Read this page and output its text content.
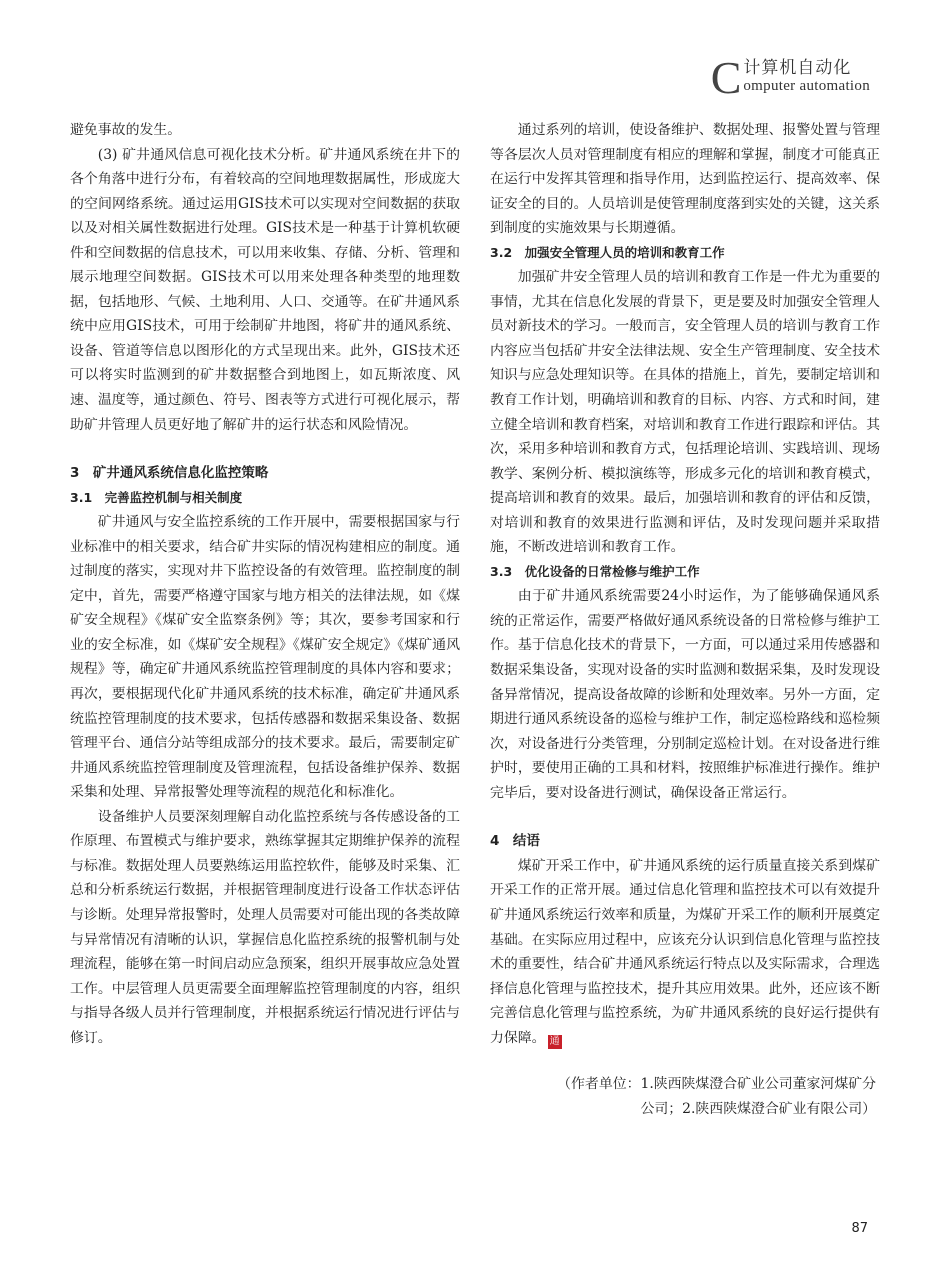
C 计算机自动化
omputer automation

避免事故的发生。

(3) 矿井通风信息可视化技术分析。矿井通风系统在井下的各个角落中进行分布，有着较高的空间地理数据属性，形成庞大的空间网络系统。通过运用GIS技术可以实现对空间数据的获取以及对相关属性数据进行处理。GIS技术是一种基于计算机软硬件和空间数据的信息技术，可以用来收集、存储、分析、管理和展示地理空间数据。GIS技术可以用来处理各种类型的地理数据，包括地形、气候、土地利用、人口、交通等。在矿井通风系统中应用GIS技术，可用于绘制矿井地图，将矿井的通风系统、设备、管道等信息以图形化的方式呈现出来。此外，GIS技术还可以将实时监测到的矿井数据整合到地图上，如瓦斯浓度、风速、温度等，通过颜色、符号、图表等方式进行可视化展示，帮助矿井管理人员更好地了解矿井的运行状态和风险情况。

3　矿井通风系统信息化监控策略
3.1　完善监控机制与相关制度

矿井通风与安全监控系统的工作开展中，需要根据国家与行业标准中的相关要求，结合矿井实际的情况构建相应的制度。通过制度的落实，实现对井下监控设备的有效管理。监控制度的制定中，首先，需要严格遵守国家与地方相关的法律法规，如《煤矿安全规程》《煤矿安全监察条例》等；其次，要参考国家和行业的安全标准，如《煤矿安全规程》《煤矿安全规定》《煤矿通风规程》等，确定矿井通风系统监控管理制度的具体内容和要求；再次，要根据现代化矿井通风系统的技术标准，确定矿井通风系统监控管理制度的技术要求，包括传感器和数据采集设备、数据管理平台、通信分站等组成部分的技术要求。最后，需要制定矿井通风系统监控管理制度及管理流程，包括设备维护保养、数据采集和处理、异常报警处理等流程的规范化和标准化。

设备维护人员要深刻理解自动化监控系统与各传感设备的工作原理、布置模式与维护要求，熟练掌握其定期维护保养的流程与标准。数据处理人员要熟练运用监控软件，能够及时采集、汇总和分析系统运行数据，并根据管理制度进行设备工作状态评估与诊断。处理异常报警时，处理人员需要对可能出现的各类故障与异常情况有清晰的认识，掌握信息化监控系统的报警机制与处理流程，能够在第一时间启动应急预案，组织开展事故应急处置工作。中层管理人员更需要全面理解监控管理制度的内容，组织与指导各级人员并行管理制度，并根据系统运行情况进行评估与修订。

通过系列的培训，使设备维护、数据处理、报警处置与管理等各层次人员对管理制度有相应的理解和掌握，制度才可能真正在运行中发挥其管理和指导作用，达到监控运行、提高效率、保证安全的目的。人员培训是使管理制度落到实处的关键，这关系到制度的实施效果与长期遵循。

3.2　加强安全管理人员的培训和教育工作

加强矿井安全管理人员的培训和教育工作是一件尤为重要的事情，尤其在信息化发展的背景下，更是要及时加强安全管理人员对新技术的学习。一般而言，安全管理人员的培训与教育工作内容应当包括矿井安全法律法规、安全生产管理制度、安全技术知识与应急处理知识等。在具体的措施上，首先，要制定培训和教育工作计划，明确培训和教育的目标、内容、方式和时间，建立健全培训和教育档案，对培训和教育工作进行跟踪和评估。其次，采用多种培训和教育方式，包括理论培训、实践培训、现场教学、案例分析、模拟演练等，形成多元化的培训和教育模式，提高培训和教育的效果。最后，加强培训和教育的评估和反馈，对培训和教育的效果进行监测和评估，及时发现问题并采取措施，不断改进培训和教育工作。

3.3　优化设备的日常检修与维护工作

由于矿井通风系统需要24小时运作，为了能够确保通风系统的正常运作，需要严格做好通风系统设备的日常检修与维护工作。基于信息化技术的背景下，一方面，可以通过采用传感器和数据采集设备，实现对设备的实时监测和数据采集，及时发现设备异常情况，提高设备故障的诊断和处理效率。另外一方面，定期进行通风系统设备的巡检与维护工作，制定巡检路线和巡检频次，对设备进行分类管理，分别制定巡检计划。在对设备进行维护时，要使用正确的工具和材料，按照维护标准进行操作。维护完毕后，要对设备进行测试，确保设备正常运行。

4　结语

煤矿开采工作中，矿井通风系统的运行质量直接关系到煤矿开采工作的正常开展。通过信息化管理和监控技术可以有效提升矿井通风系统运行效率和质量，为煤矿开采工作的顺利开展奠定基础。在实际应用过程中，应该充分认识到信息化管理与监控技术的重要性，结合矿井通风系统运行特点以及实际需求，合理选择信息化管理与监控技术，提升其应用效果。此外，还应该不断完善信息化管理与监控系统，为矿井通风系统的良好运行提供有力保障。 通

（作者单位：1.陕西陕煤澄合矿业公司董家河煤矿分
公司；2.陕西陕煤澄合矿业有限公司）
87
